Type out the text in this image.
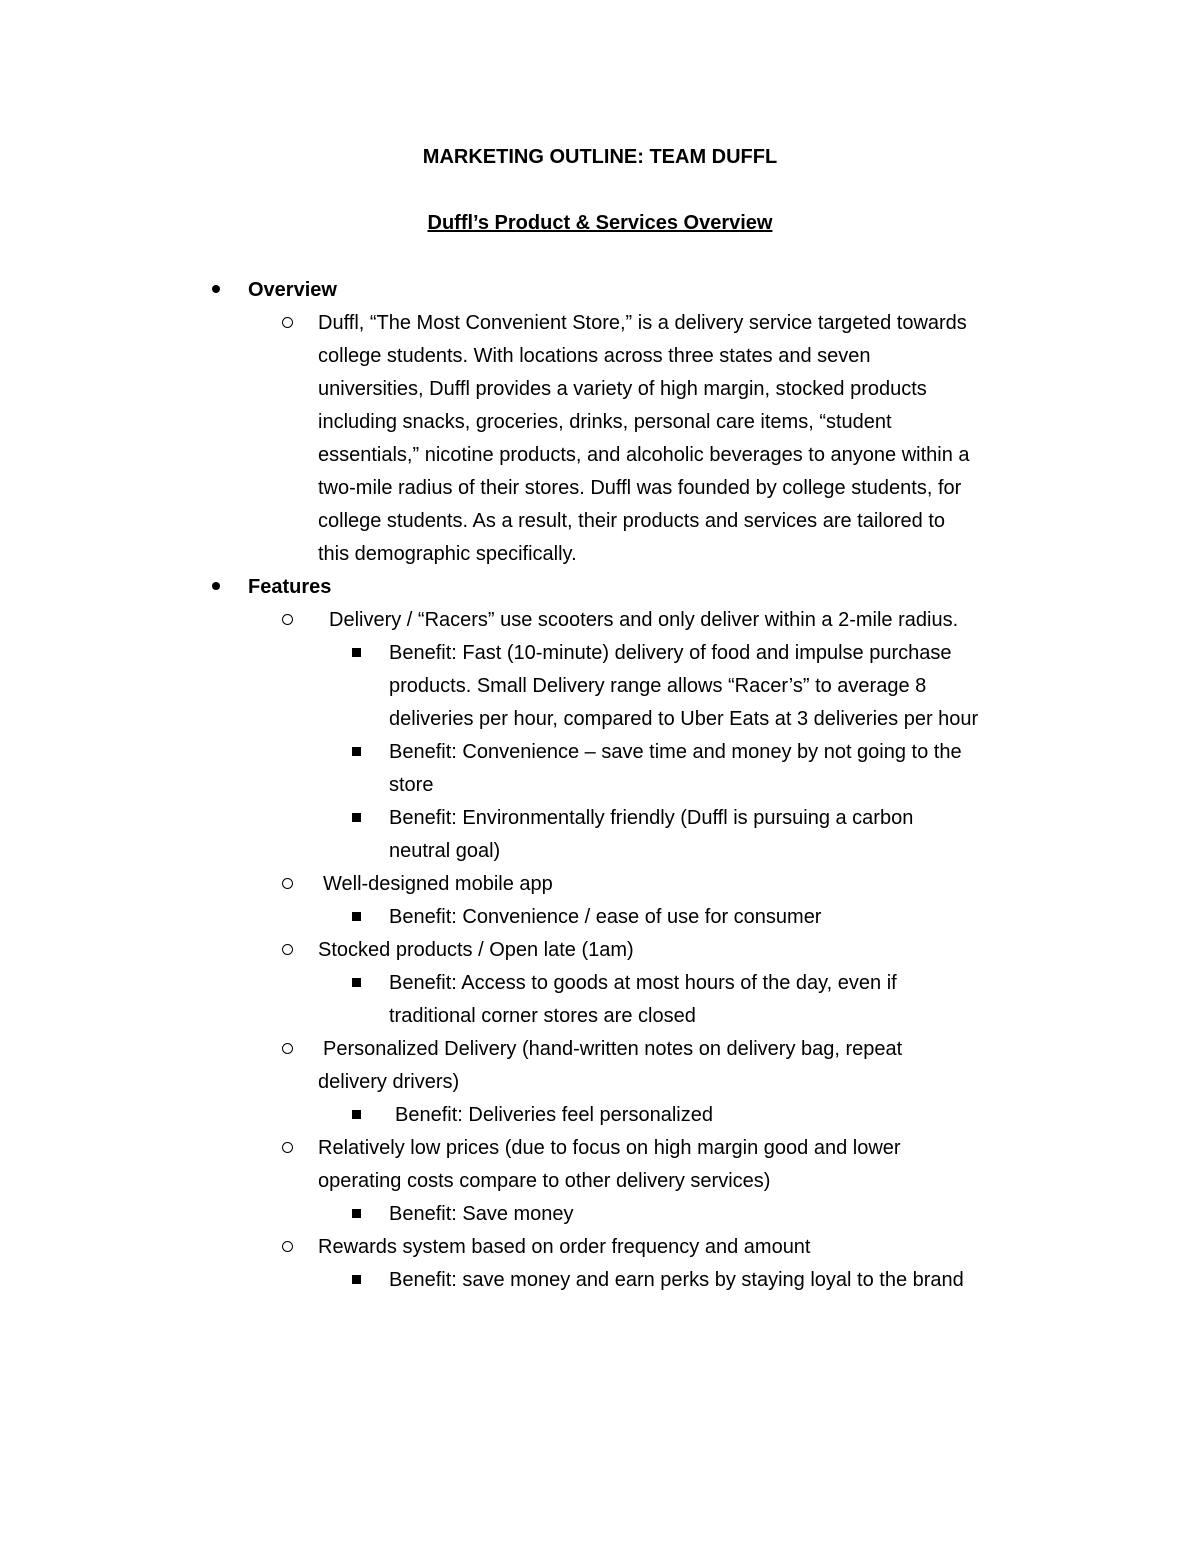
MARKETING OUTLINE: TEAM DUFFL
Duffl’s Product & Services Overview
Overview
Duffl, “The Most Convenient Store,” is a delivery service targeted towards
college students. With locations across three states and seven
universities, Duffl provides a variety of high margin, stocked products
including snacks, groceries, drinks, personal care items, “student
essentials,” nicotine products, and alcoholic beverages to anyone within a
two-mile radius of their stores. Duffl was founded by college students, for
college students. As a result, their products and services are tailored to
this demographic specifically.
Features
Delivery / “Racers” use scooters and only deliver within a 2-mile radius.
Benefit: Fast (10-minute) delivery of food and impulse purchase
products. Small Delivery range allows “Racer’s” to average 8
deliveries per hour, compared to Uber Eats at 3 deliveries per hour
Benefit: Convenience – save time and money by not going to the
store
Benefit: Environmentally friendly (Duffl is pursuing a carbon
neutral goal)
Well-designed mobile app
Benefit: Convenience / ease of use for consumer
Stocked products / Open late (1am)
Benefit: Access to goods at most hours of the day, even if
traditional corner stores are closed
Personalized Delivery (hand-written notes on delivery bag, repeat
delivery drivers)
Benefit: Deliveries feel personalized
Relatively low prices (due to focus on high margin good and lower
operating costs compare to other delivery services)
Benefit: Save money
Rewards system based on order frequency and amount
Benefit: save money and earn perks by staying loyal to the brand
